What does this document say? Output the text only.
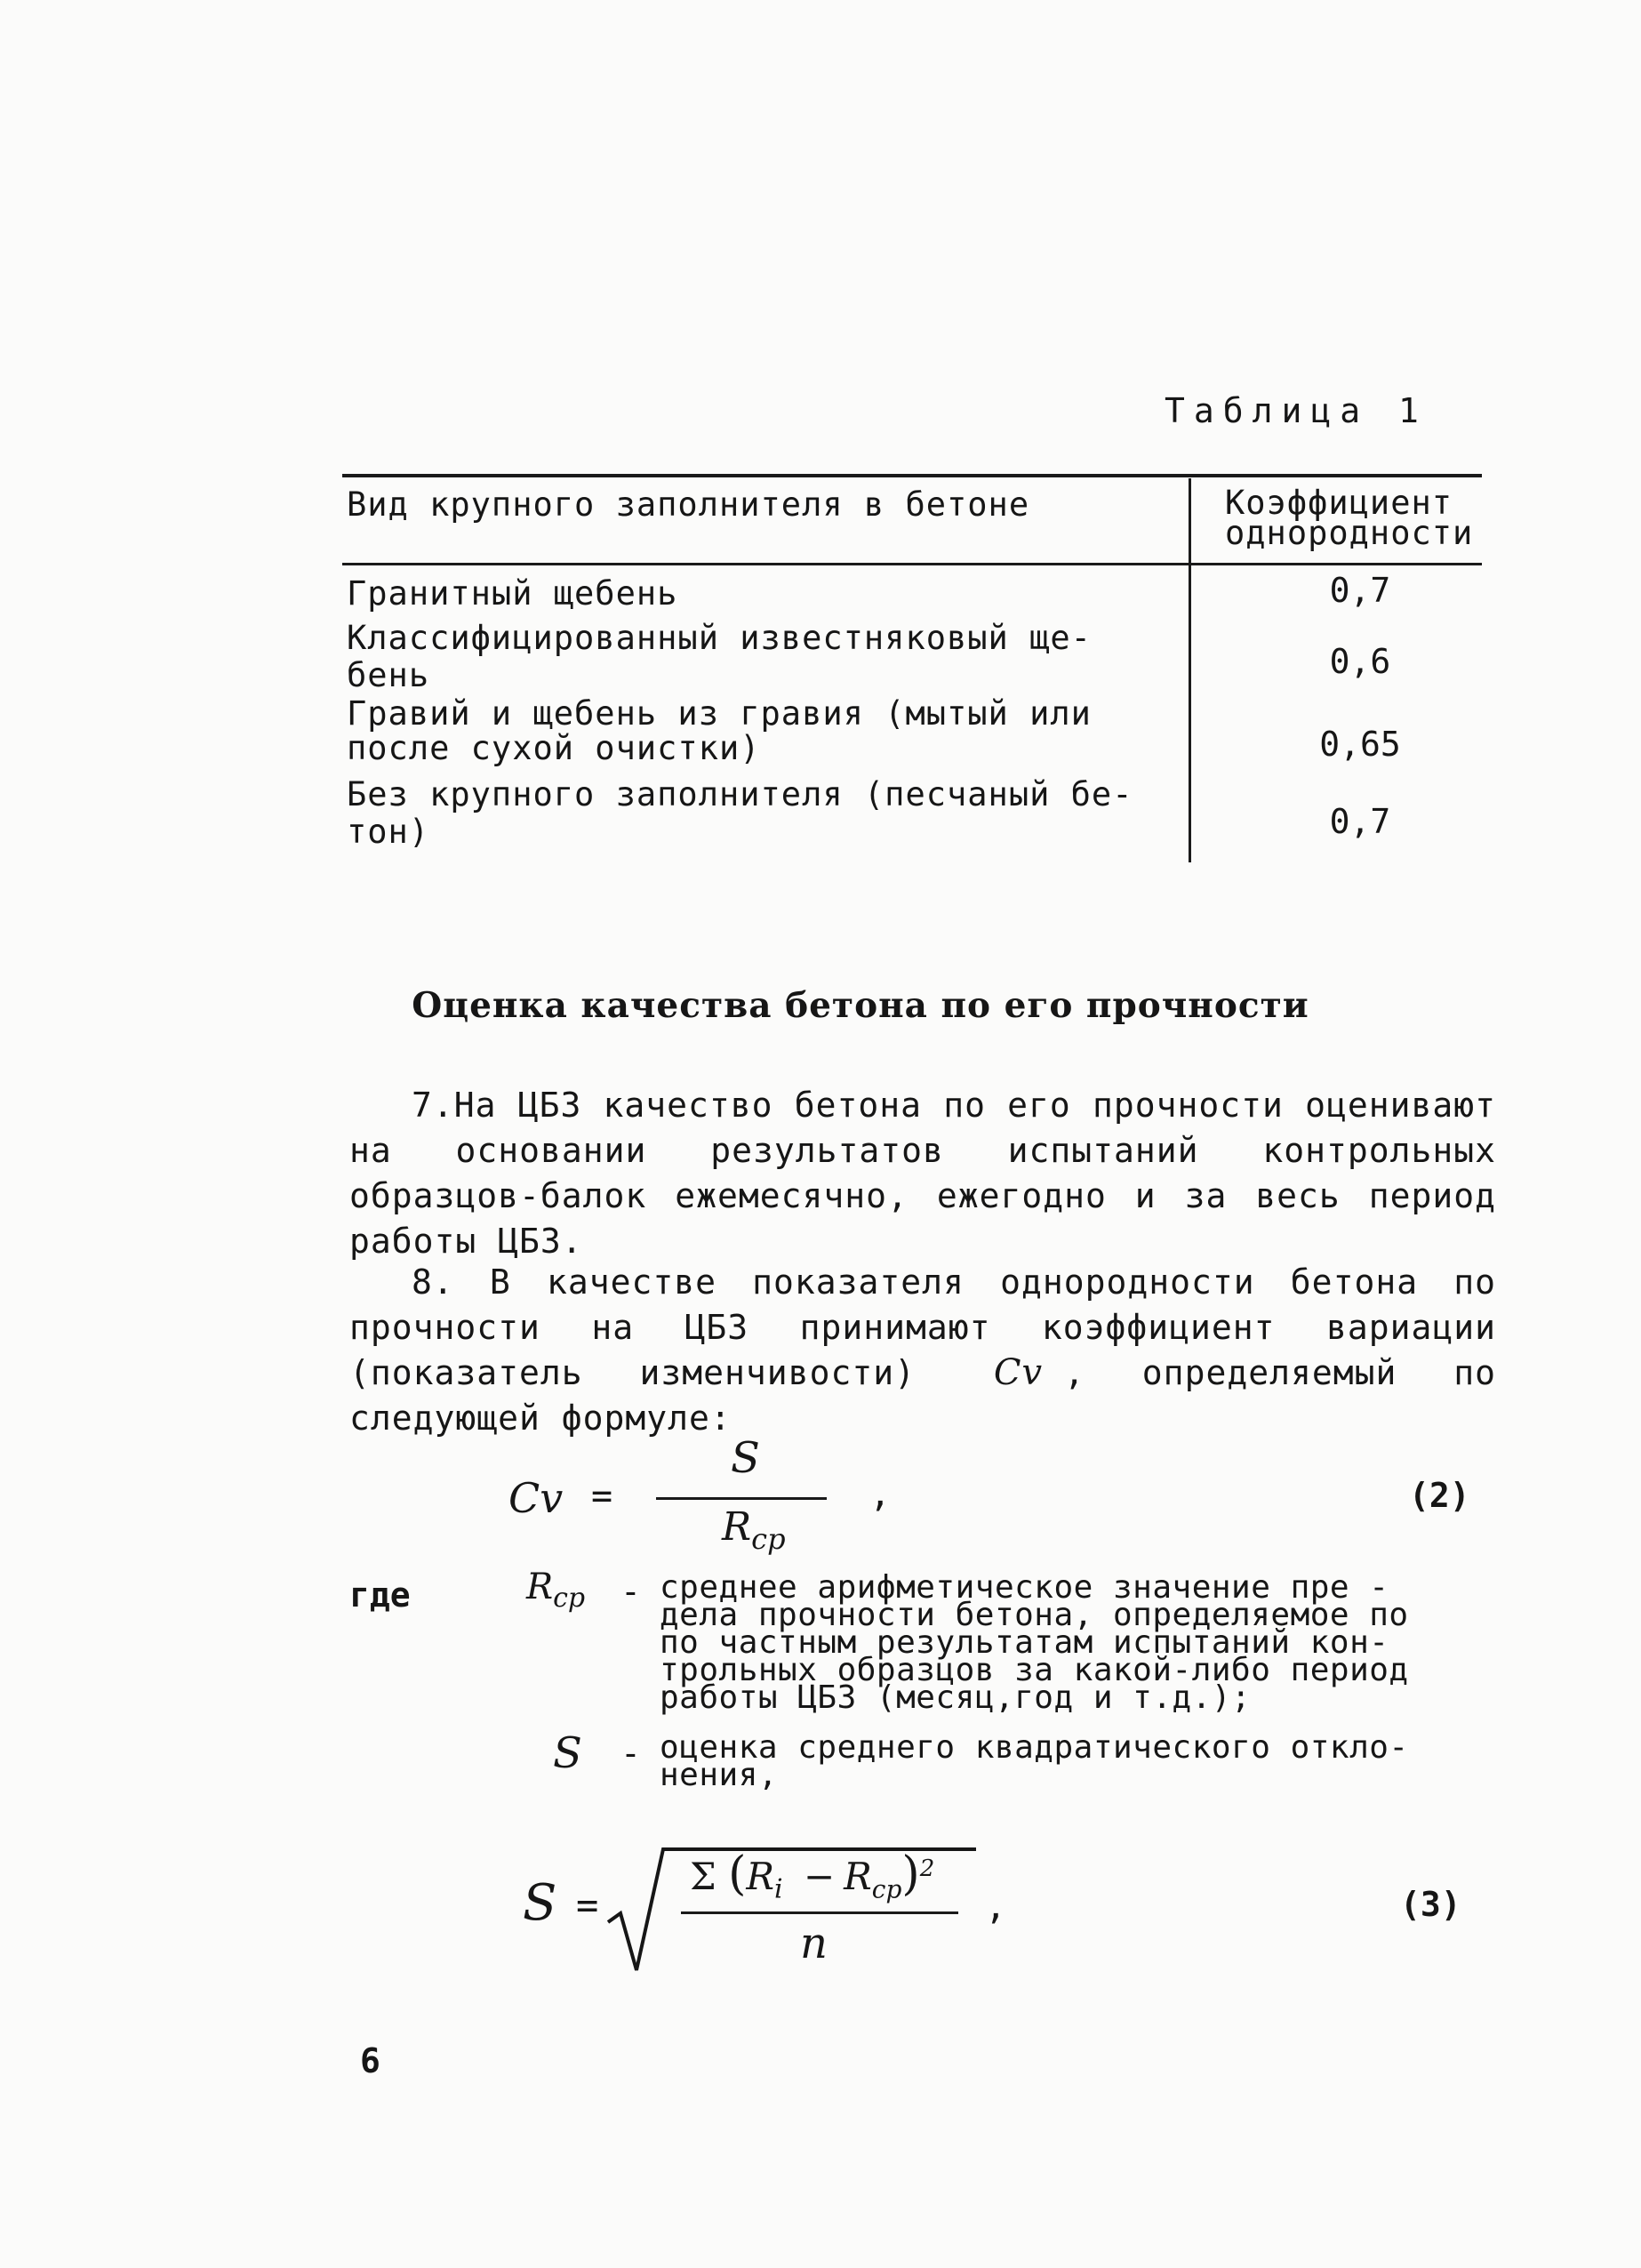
Таблица 1
Вид крупного заполнителя в бетоне	Коэффициент
однородности
Гранитный щебень	0,7
Классифицированный известняковый ще-
бень	0,6
Гравий и щебень из гравия (мытый или
после сухой очистки)	0,65
Без крупного заполнителя (песчаный бе-
тон)	0,7
Оценка качества бетона по его прочности
7.На ЦБЗ качество бетона по его прочности оценивают на основании результатов испытаний контрольных образцов-балок ежемесячно, ежегодно и за весь период работы ЦБЗ.
8. В качестве показателя однородности бетона по прочности на ЦБЗ принимают коэффициент вариации (показатель изменчивости) Cv , определяемый по следующей формуле:
Cv =
S
$R_{cp}$
,	(2)
где	$R_{cp}$ - среднее арифметическое значение пре -
дела прочности бетона, определяемое по
по частным результатам испытаний кон-
трольных образцов за какой-либо период
работы ЦБЗ (месяц,год и т.д.);
S - оценка среднего квадратического откло-
нения,
S =
Σ $(R_i - R_{cp})^2$
n
,	(3)
6
